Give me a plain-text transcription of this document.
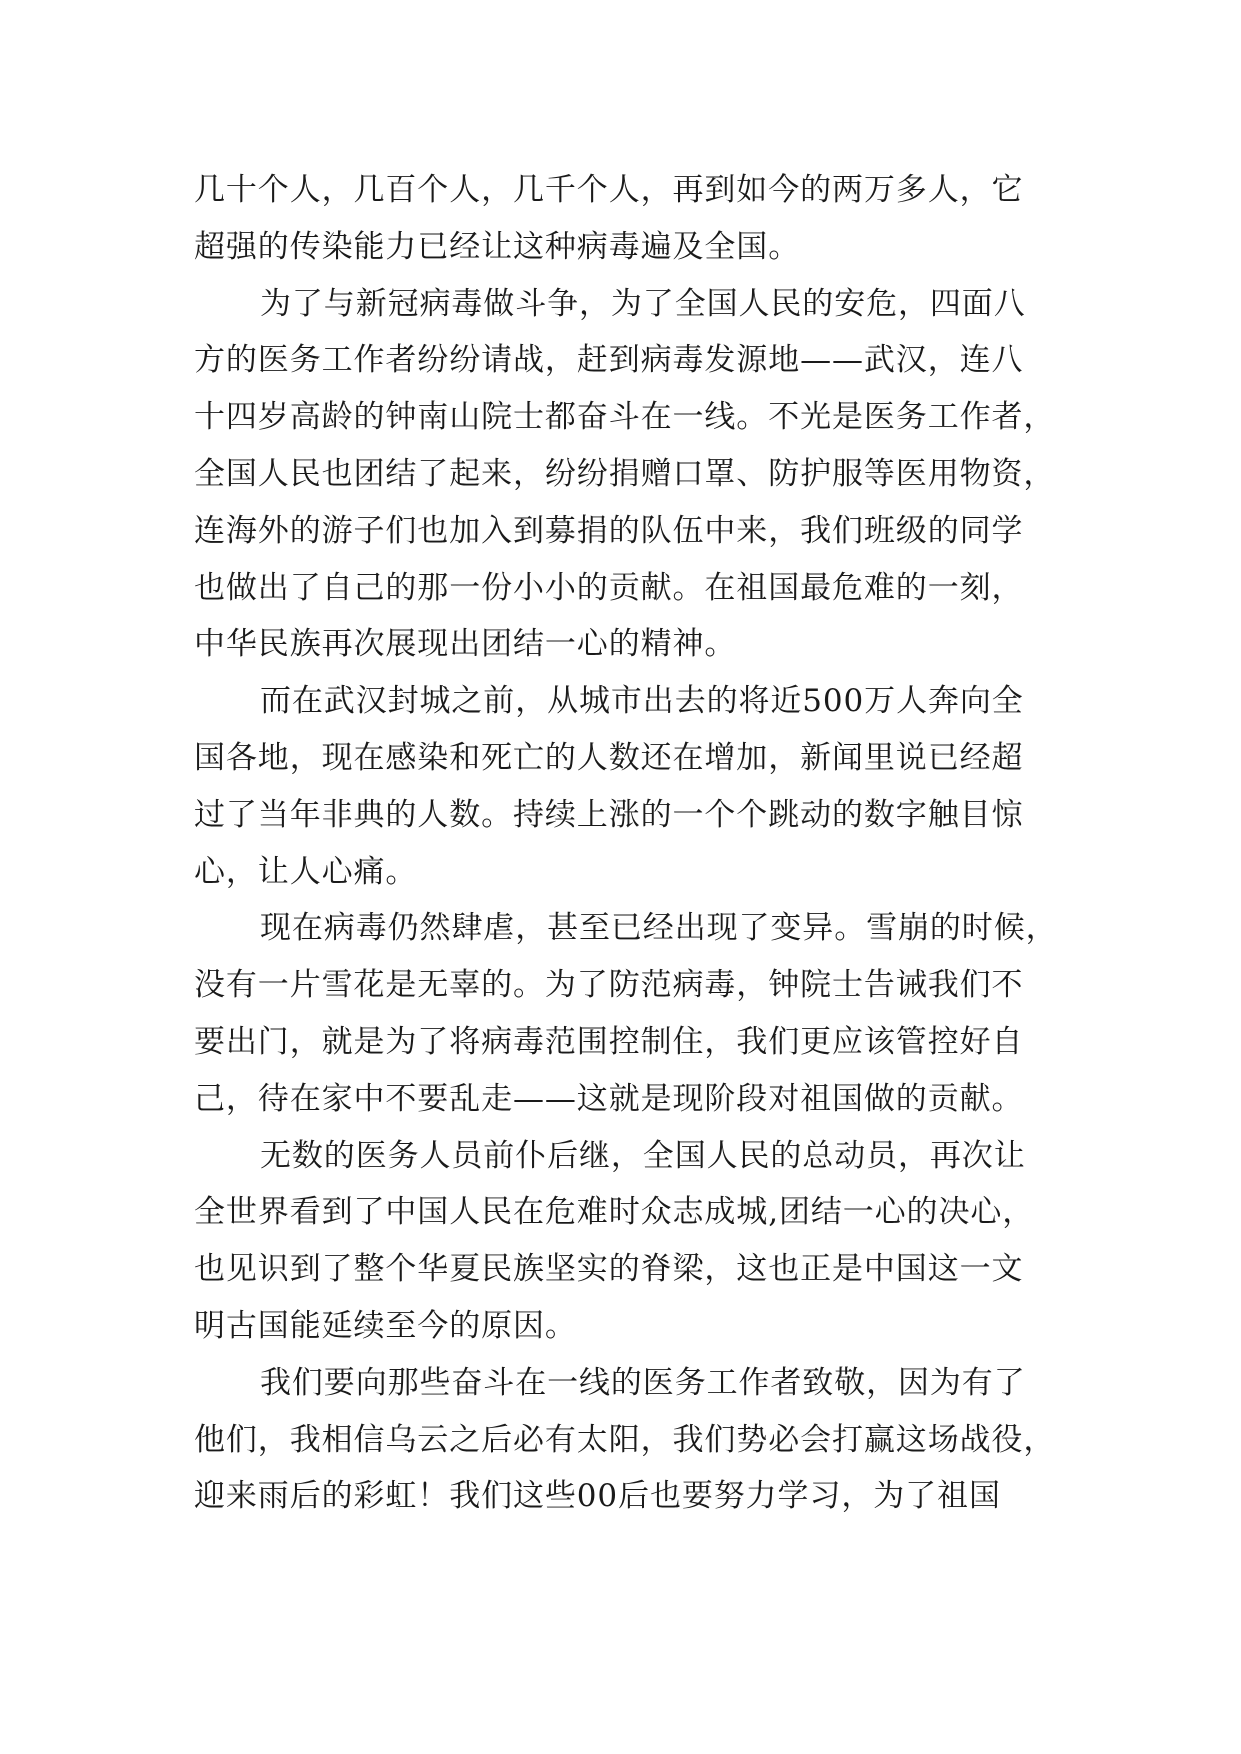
几十个人，几百个人，几千个人，再到如今的两万多人，它
超强的传染能力已经让这种病毒遍及全国。
为了与新冠病毒做斗争，为了全国人民的安危，四面八
方的医务工作者纷纷请战，赶到病毒发源地——武汉，连八
十四岁高龄的钟南山院士都奋斗在一线。不光是医务工作者，
全国人民也团结了起来，纷纷捐赠口罩、防护服等医用物资，
连海外的游子们也加入到募捐的队伍中来，我们班级的同学
也做出了自己的那一份小小的贡献。在祖国最危难的一刻，
中华民族再次展现出团结一心的精神。
而在武汉封城之前，从城市出去的将近500万人奔向全
国各地，现在感染和死亡的人数还在增加，新闻里说已经超
过了当年非典的人数。持续上涨的一个个跳动的数字触目惊
心，让人心痛。
现在病毒仍然肆虐，甚至已经出现了变异。雪崩的时候，
没有一片雪花是无辜的。为了防范病毒，钟院士告诫我们不
要出门，就是为了将病毒范围控制住，我们更应该管控好自
己，待在家中不要乱走——这就是现阶段对祖国做的贡献。
无数的医务人员前仆后继，全国人民的总动员，再次让
全世界看到了中国人民在危难时众志成城,团结一心的决心，
也见识到了整个华夏民族坚实的脊梁，这也正是中国这一文
明古国能延续至今的原因。
我们要向那些奋斗在一线的医务工作者致敬，因为有了
他们，我相信乌云之后必有太阳，我们势必会打赢这场战役，
迎来雨后的彩虹！我们这些00后也要努力学习，为了祖国
